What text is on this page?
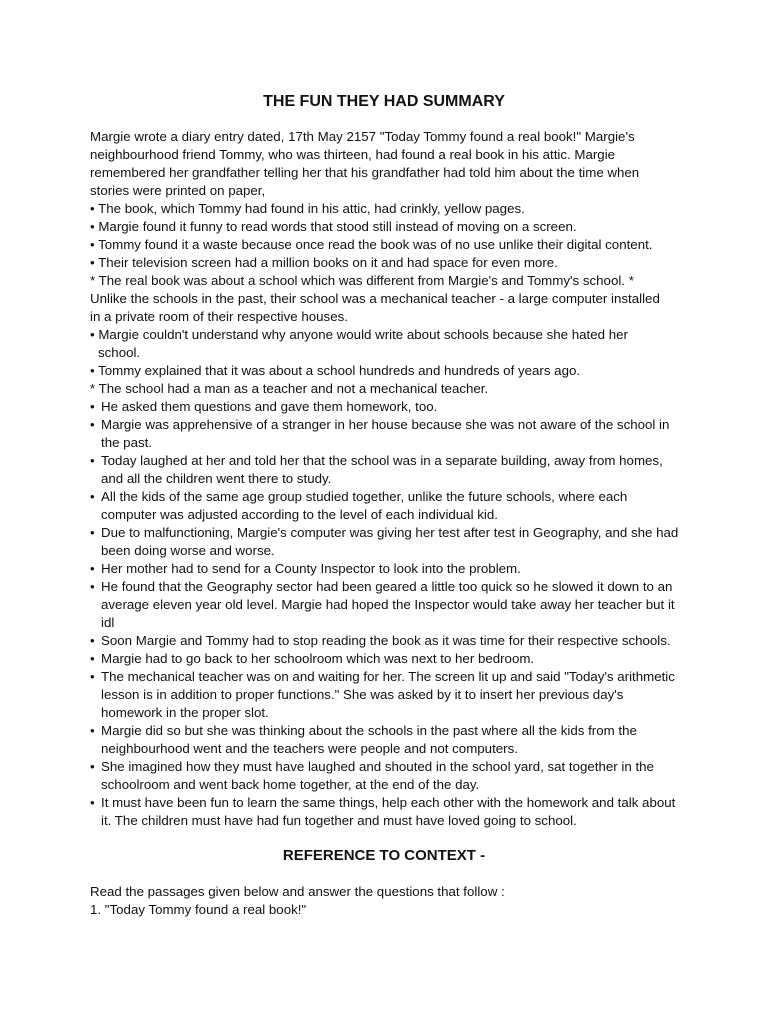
THE FUN THEY HAD SUMMARY

Margie wrote a diary entry dated, 17th May 2157 "Today Tommy found a real book!" Margie's neighbourhood friend Tommy, who was thirteen, had found a real book in his attic. Margie remembered her grandfather telling her that his grandfather had told him about the time when stories were printed on paper,

• The book, which Tommy had found in his attic, had crinkly, yellow pages.

• Margie found it funny to read words that stood still instead of moving on a screen.

• Tommy found it a waste because once read the book was of no use unlike their digital content.

• Their television screen had a million books on it and had space for even more.

* The real book was about a school which was different from Margie's and Tommy's school. * Unlike the schools in the past, their school was a mechanical teacher - a large computer installed in a private room of their respective houses.

• Margie couldn't understand why anyone would write about schools because she hated her

school.

• Tommy explained that it was about a school hundreds and hundreds of years ago.

* The school had a man as a teacher and not a mechanical teacher.

• He asked them questions and gave them homework, too.
• Margie was apprehensive of a stranger in her house because she was not aware of the school in the past.
• Today laughed at her and told her that the school was in a separate building, away from homes, and all the children went there to study.
• All the kids of the same age group studied together, unlike the future schools, where each computer was adjusted according to the level of each individual kid.
• Due to malfunctioning, Margie's computer was giving her test after test in Geography, and she had been doing worse and worse.
• Her mother had to send for a County Inspector to look into the problem.
• He found that the Geography sector had been geared a little too quick so he slowed it down to an average eleven year old level. Margie had hoped the Inspector would take away her teacher but it idl
• Soon Margie and Tommy had to stop reading the book as it was time for their respective schools.
• Margie had to go back to her schoolroom which was next to her bedroom.
• The mechanical teacher was on and waiting for her. The screen lit up and said "Today's arithmetic lesson is in addition to proper functions." She was asked by it to insert her previous day's homework in the proper slot.
• Margie did so but she was thinking about the schools in the past where all the kids from the neighbourhood went and the teachers were people and not computers.
• She imagined how they must have laughed and shouted in the school yard, sat together in the schoolroom and went back home together, at the end of the day.
• It must have been fun to learn the same things, help each other with the homework and talk about it. The children must have had fun together and must have loved going to school.
REFERENCE TO CONTEXT -

Read the passages given below and answer the questions that follow :

1. "Today Tommy found a real book!"
